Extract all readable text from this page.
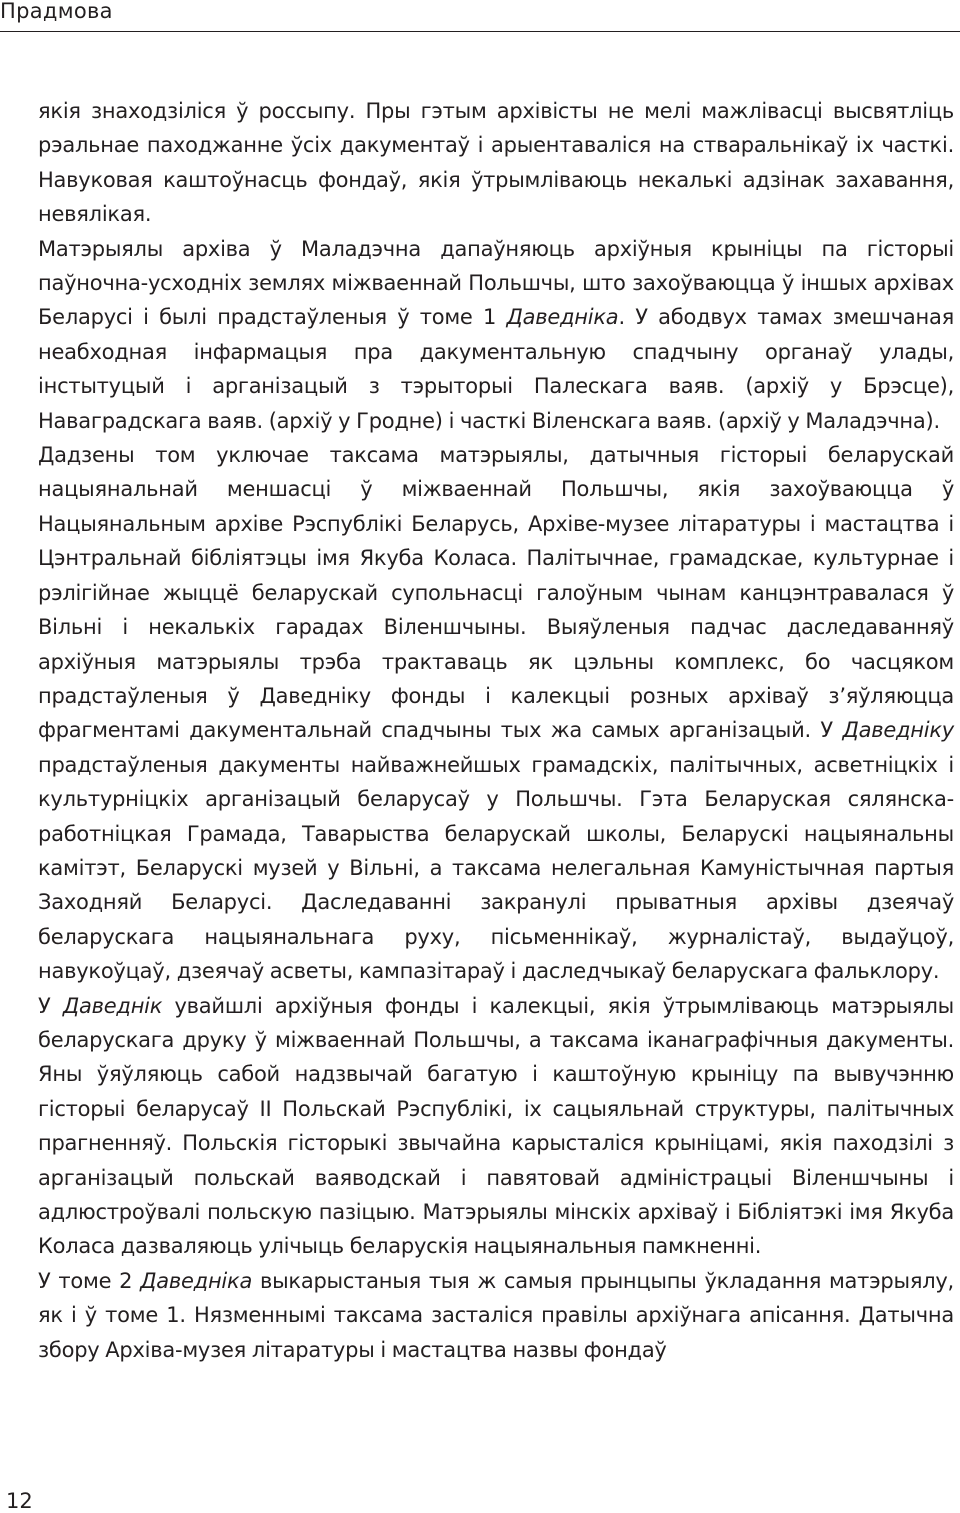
Прадмова

якія знаходзіліся ў россыпу. Пры гэтым архівісты не мелі мажлівасці высвятліць рэальнае паходжанне ўсіх дакументаў і арыентаваліся на стваральнікаў іх часткі. Навуковая каштоўнасць фондаў, якія ўтрымліваюць некалькі адзінак захавання, невялікая.

Матэрыялы архіва ў Маладэчна дапаўняюць архіўныя крыніцы па гісторыі паўночна-усходніх землях міжваеннай Польшчы, што захоўваюцца ў іншых архівах Беларусі і былі прадстаўленыя ў томе 1 Даведніка. У абодвух тамах змешчаная неабходная інфармацыя пра дакументальную спадчыну органаў улады, інстытуцый і арганізацый з тэрыторыі Палескага ваяв. (архіў у Брэсце), Наваградскага ваяв. (архіў у Гродне) і часткі Віленскага ваяв. (архіў у Маладэчна).

Дадзены том уключае таксама матэрыялы, датычныя гісторыі беларускай нацыянальнай меншасці ў міжваеннай Польшчы, якія захоўваюцца ў Нацыянальным архіве Рэспублікі Беларусь, Архіве-музее літаратуры і мастацтва і Цэнтральнай бібліятэцы імя Якуба Коласа. Палітычнае, грамадскае, культурнае і рэлігійнае жыццё беларускай супольнасці галоўным чынам канцэнтравалася ў Вільні і некалькіх гарадах Віленшчыны. Выяўленыя падчас даследаванняў архіўныя матэрыялы трэба трактаваць як цэльны комплекс, бо часцяком прадстаўленыя ў Даведніку фонды і калекцыі розных архіваў з’яўляюцца фрагментамі дакументальнай спадчыны тых жа самых арганізацый. У Даведніку прадстаўленыя дакументы найважнейшых грамадскіх, палітычных, асветніцкіх і культурніцкіх арганізацый беларусаў у Польшчы. Гэта Беларуская сялянска-работніцкая Грамада, Таварыства беларускай школы, Беларускі нацыянальны камітэт, Беларускі музей у Вільні, а таксама нелегальная Камуністычная партыя Заходняй Беларусі. Даследаванні закранулі прыватныя архівы дзеячаў беларускага нацыянальнага руху, пісьменнікаў, журналістаў, выдаўцоў, навукоўцаў, дзеячаў асветы, кампазітараў і даследчыкаў беларускага фальклору.

У Даведнік увайшлі архіўныя фонды і калекцыі, якія ўтрымліваюць матэрыялы беларускага друку ў міжваеннай Польшчы, а таксама іканаграфічныя дакументы. Яны ўяўляюць сабой надзвычай багатую і каштоўную крыніцу па вывучэнню гісторыі беларусаў II Польскай Рэспублікі, іх сацыяльнай структуры, палітычных прагненняў. Польскія гісторыкі звычайна карысталіся крыніцамі, якія паходзілі з арганізацый польскай ваяводскай і павятовай адміністрацыі Віленшчыны і адлюстроўвалі польскую пазіцыю. Матэрыялы мінскіх архіваў і Бібліятэкі імя Якуба Коласа дазваляюць улічыць беларускія нацыянальныя памкненні.

У томе 2 Даведніка выкарыстаныя тыя ж самыя прынцыпы ўкладання матэрыялу, як і ў томе 1. Нязменнымі таксама засталіся правілы архіўнага апісання. Датычна збору Архіва-музея літаратуры і мастацтва назвы фондаў

12
